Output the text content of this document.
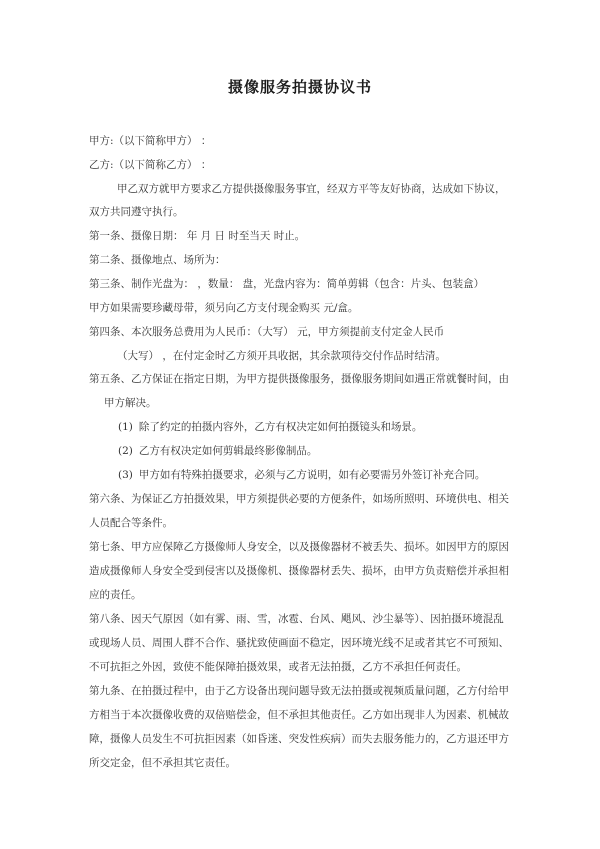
摄像服务拍摄协议书
甲方:（以下简称甲方） ：
乙方:（以下简称乙方） ：
甲乙双方就甲方要求乙方提供摄像服务事宜，经双方平等友好协商，达成如下协议，
双方共同遵守执行。
第一条、摄像日期： 年 月 日 时至当天 时止。
第二条、摄像地点、场所为：
第三条、制作光盘为： ，数量： 盘，光盘内容为：简单剪辑（包含：片头、包装盒）
甲方如果需要珍藏母带，须另向乙方支付现金购买 元/盒。
第四条、本次服务总费用为人民币：（大写） 元，甲方须提前支付定金人民币
（大写） ，在付定金时乙方须开具收据，其余款项待交付作品时结清。
第五条、乙方保证在指定日期，为甲方提供摄像服务，摄像服务期间如遇正常就餐时间，由
甲方解决。
(1) 除了约定的拍摄内容外，乙方有权决定如何拍摄镜头和场景。
(2) 乙方有权决定如何剪辑最终影像制品。
(3) 甲方如有特殊拍摄要求，必须与乙方说明，如有必要需另外签订补充合同。
第六条、为保证乙方拍摄效果，甲方须提供必要的方便条件，如场所照明、环境供电、相关
人员配合等条件。
第七条、甲方应保障乙方摄像师人身安全，以及摄像器材不被丢失、损坏。如因甲方的原因
造成摄像师人身安全受到侵害以及摄像机、摄像器材丢失、损坏，由甲方负责赔偿并承担相
应的责任。
第八条、因天气原因（如有雾、雨、雪，冰雹、台风、飓风、沙尘暴等）、因拍摄环境混乱
或现场人员、周围人群不合作、骚扰致使画面不稳定，因环境光线不足或者其它不可预知、
不可抗拒之外因，致使不能保障拍摄效果，或者无法拍摄，乙方不承担任何责任。
第九条、在拍摄过程中，由于乙方设备出现问题导致无法拍摄或视频质量问题，乙方付给甲
方相当于本次摄像收费的双倍赔偿金，但不承担其他责任。乙方如出现非人为因素、机械故
障，摄像人员发生不可抗拒因素（如昏迷、突发性疾病）而失去服务能力的，乙方退还甲方
所交定金，但不承担其它责任。
